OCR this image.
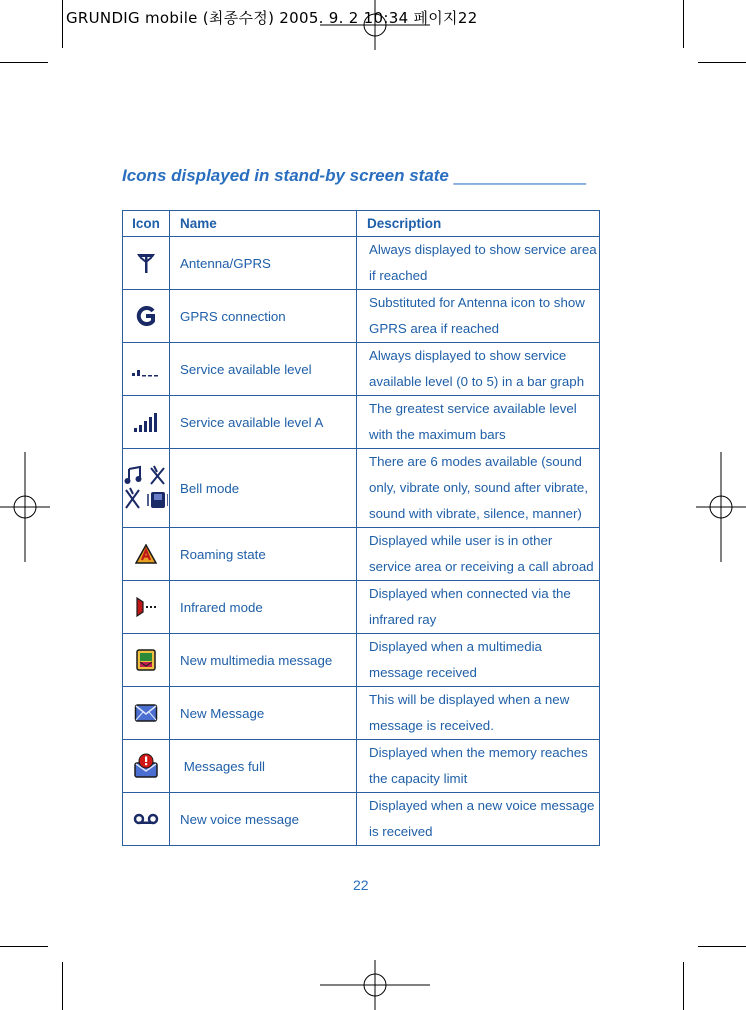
GRUNDIG mobile (최종수정) 2005. 9. 2 10:34 페이지22
Icons displayed in stand-by screen state ______________
Icon	Name	Description
	Antenna/GPRS	Always displayed to show service area if reached
	GPRS connection	Substituted for Antenna icon to show GPRS area if reached
	Service available level	Always displayed to show service available level (0 to 5) in a bar graph
	Service available level A	The greatest service available level with the maximum bars
	Bell mode	There are 6 modes available (sound only, vibrate only, sound after vibrate, sound with vibrate, silence, manner)
	Roaming state	Displayed while user is in other service area or receiving a call abroad
	Infrared mode	Displayed when connected via the infrared ray
	New multimedia message	Displayed when a multimedia message received
	New Message	This will be displayed when a new message is received.
	Messages full	Displayed when the memory reaches the capacity limit
	New voice message	Displayed when a new voice message is received
22
